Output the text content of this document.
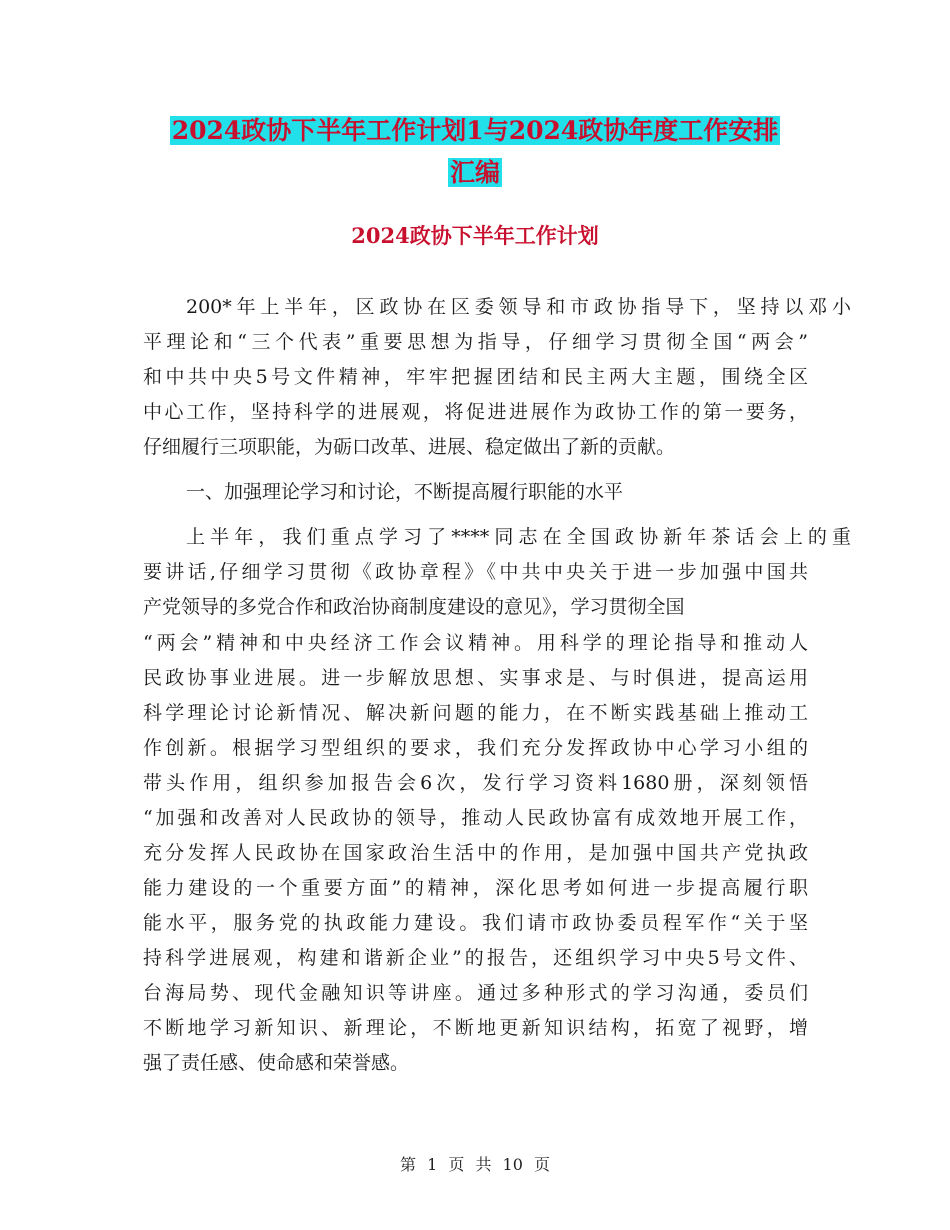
2024政协下半年工作计划1与2024政协年度工作安排
汇编
2024政协下半年工作计划
200*年上半年，区政协在区委领导和市政协指导下，坚持以邓小
平理论和“三个代表”重要思想为指导，仔细学习贯彻全国“两会”
和中共中央5号文件精神，牢牢把握团结和民主两大主题，围绕全区
中心工作，坚持科学的进展观，将促进进展作为政协工作的第一要务，
仔细履行三项职能，为砺口改革、进展、稳定做出了新的贡献。
一、加强理论学习和讨论，不断提高履行职能的水平
上半年，我们重点学习了****同志在全国政协新年茶话会上的重
要讲话,仔细学习贯彻《政协章程》《中共中央关于进一步加强中国共
产党领导的多党合作和政治协商制度建设的意见》，学习贯彻全国
“两会”精神和中央经济工作会议精神。用科学的理论指导和推动人
民政协事业进展。进一步解放思想、实事求是、与时俱进，提高运用
科学理论讨论新情况、解决新问题的能力，在不断实践基础上推动工
作创新。根据学习型组织的要求，我们充分发挥政协中心学习小组的
带头作用，组织参加报告会6次，发行学习资料1680册，深刻领悟
“加强和改善对人民政协的领导，推动人民政协富有成效地开展工作，
充分发挥人民政协在国家政治生活中的作用，是加强中国共产党执政
能力建设的一个重要方面”的精神，深化思考如何进一步提高履行职
能水平，服务党的执政能力建设。我们请市政协委员程军作“关于坚
持科学进展观，构建和谐新企业”的报告，还组织学习中央5号文件、
台海局势、现代金融知识等讲座。通过多种形式的学习沟通，委员们
不断地学习新知识、新理论，不断地更新知识结构，拓宽了视野，增
强了责任感、使命感和荣誉感。
第 1 页 共 10 页
